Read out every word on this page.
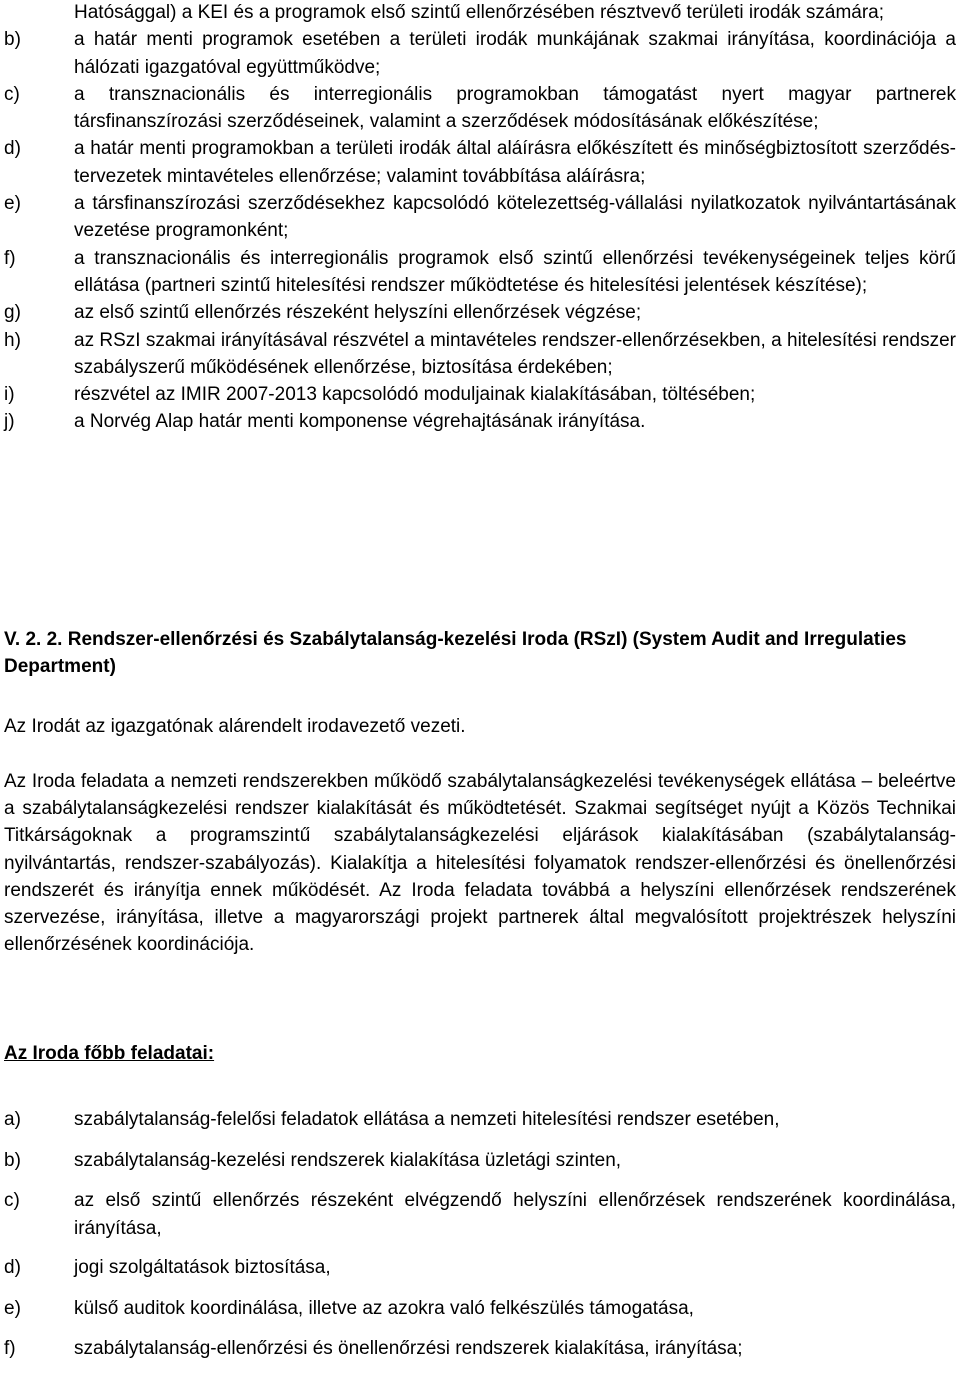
Hatósággal) a KEI és a programok első szintű ellenőrzésében résztvevő területi irodák számára;
b)	a határ menti programok esetében a területi irodák munkájának szakmai irányítása, koordinációja a hálózati igazgatóval együttműködve;
c)	a transznacionális és interregionális programokban támogatást nyert magyar partnerek társfinanszírozási szerződéseinek, valamint a szerződések módosításának előkészítése;
d)	a határ menti programokban a területi irodák által aláírásra előkészített és minőségbiztosított szerződés-tervezetek mintavételes ellenőrzése; valamint továbbítása aláírásra;
e)	a társfinanszírozási szerződésekhez kapcsolódó kötelezettség-vállalási nyilatkozatok nyilvántartásának vezetése programonként;
f)	a transznacionális és interregionális programok első szintű ellenőrzési tevékenységeinek teljes körű ellátása (partneri szintű hitelesítési rendszer működtetése és hitelesítési jelentések készítése);
g)	az első szintű ellenőrzés részeként helyszíni ellenőrzések végzése;
h)	az RSzI szakmai irányításával részvétel a mintavételes rendszer-ellenőrzésekben, a hitelesítési rendszer szabályszerű működésének ellenőrzése, biztosítása érdekében;
i)	részvétel az IMIR 2007-2013 kapcsolódó moduljainak kialakításában, töltésében;
j)	a Norvég Alap határ menti komponense végrehajtásának irányítása.
V. 2. 2. Rendszer-ellenőrzési és Szabálytalanság-kezelési Iroda (RSzI) (System Audit and Irregulaties Department)
Az Irodát az igazgatónak alárendelt irodavezető vezeti.
Az Iroda feladata a nemzeti rendszerekben működő szabálytalanságkezelési tevékenységek ellátása – beleértve a szabálytalanságkezelési rendszer kialakítását és működtetését. Szakmai segítséget nyújt a Közös Technikai Titkárságoknak a programszintű szabálytalanságkezelési eljárások kialakításában (szabálytalanság-nyilvántartás, rendszer-szabályozás). Kialakítja a hitelesítési folyamatok rendszer-ellenőrzési és önellenőrzési rendszerét és irányítja ennek működését. Az Iroda feladata továbbá a helyszíni ellenőrzések rendszerének szervezése, irányítása, illetve a magyarországi projekt partnerek által megvalósított projektrészek helyszíni ellenőrzésének koordinációja.
Az Iroda főbb feladatai:
a)	szabálytalanság-felelősi feladatok ellátása a nemzeti hitelesítési rendszer esetében,
b)	szabálytalanság-kezelési rendszerek kialakítása üzletági szinten,
c)	az első szintű ellenőrzés részeként elvégzendő helyszíni ellenőrzések rendszerének koordinálása, irányítása,
d)	jogi szolgáltatások biztosítása,
e)	külső auditok koordinálása, illetve az azokra való felkészülés támogatása,
f)	szabálytalanság-ellenőrzési és önellenőrzési rendszerek kialakítása, irányítása;
